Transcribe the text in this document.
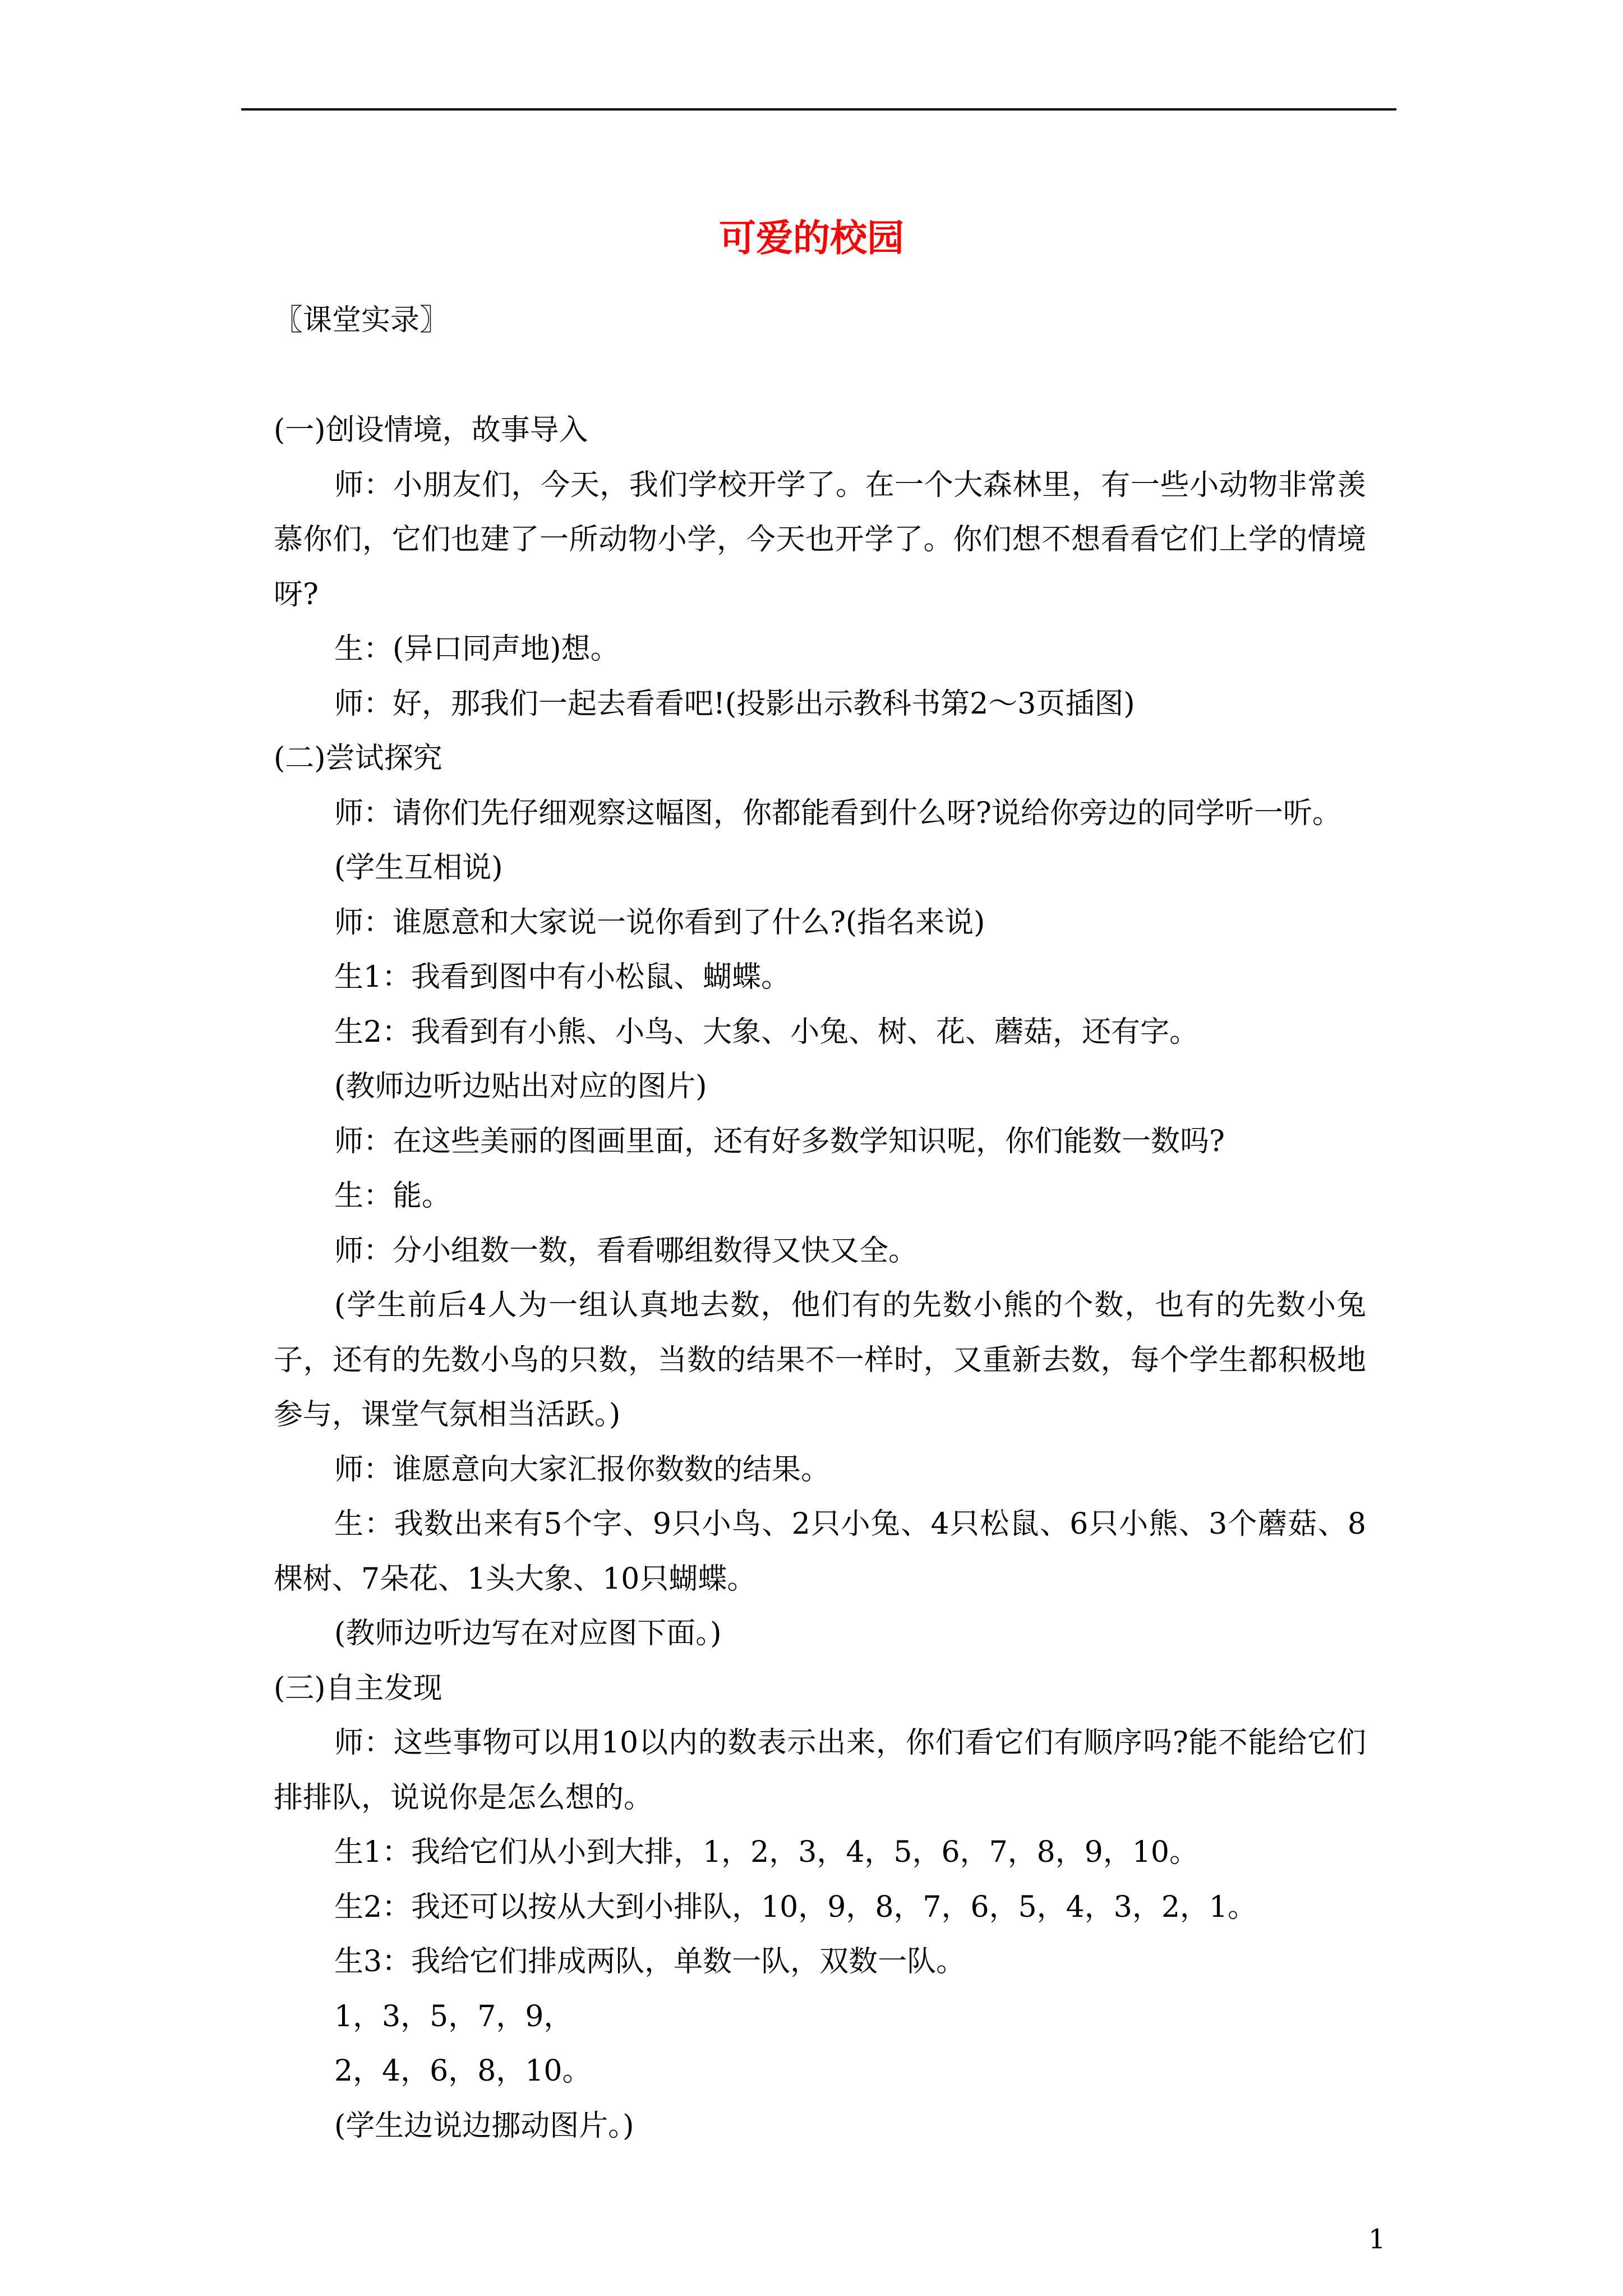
可爱的校园

〖课堂实录〗

(一)创设情境，故事导入

师：小朋友们，今天，我们学校开学了。在一个大森林里，有一些小动物非常羡慕你们，它们也建了一所动物小学，今天也开学了。你们想不想看看它们上学的情境呀?

生：(异口同声地)想。

师：好，那我们一起去看看吧!(投影出示教科书第2～3页插图)

(二)尝试探究

师：请你们先仔细观察这幅图，你都能看到什么呀?说给你旁边的同学听一听。

(学生互相说)

师：谁愿意和大家说一说你看到了什么?(指名来说)

生1：我看到图中有小松鼠、蝴蝶。

生2：我看到有小熊、小鸟、大象、小兔、树、花、蘑菇，还有字。

(教师边听边贴出对应的图片)

师：在这些美丽的图画里面，还有好多数学知识呢，你们能数一数吗?

生：能。

师：分小组数一数，看看哪组数得又快又全。

(学生前后4人为一组认真地去数，他们有的先数小熊的个数，也有的先数小兔子，还有的先数小鸟的只数，当数的结果不一样时，又重新去数，每个学生都积极地参与，课堂气氛相当活跃。)

师：谁愿意向大家汇报你数数的结果。

生：我数出来有5个字、9只小鸟、2只小兔、4只松鼠、6只小熊、3个蘑菇、8棵树、7朵花、1头大象、10只蝴蝶。

(教师边听边写在对应图下面。)

(三)自主发现

师：这些事物可以用10以内的数表示出来，你们看它们有顺序吗?能不能给它们排排队，说说你是怎么想的。

生1：我给它们从小到大排，1，2，3，4，5，6，7，8，9，10。

生2：我还可以按从大到小排队，10，9，8，7，6，5，4，3，2，1。

生3：我给它们排成两队，单数一队，双数一队。

1，3，5，7，9，

2，4，6，8，10。

(学生边说边挪动图片。)

1
